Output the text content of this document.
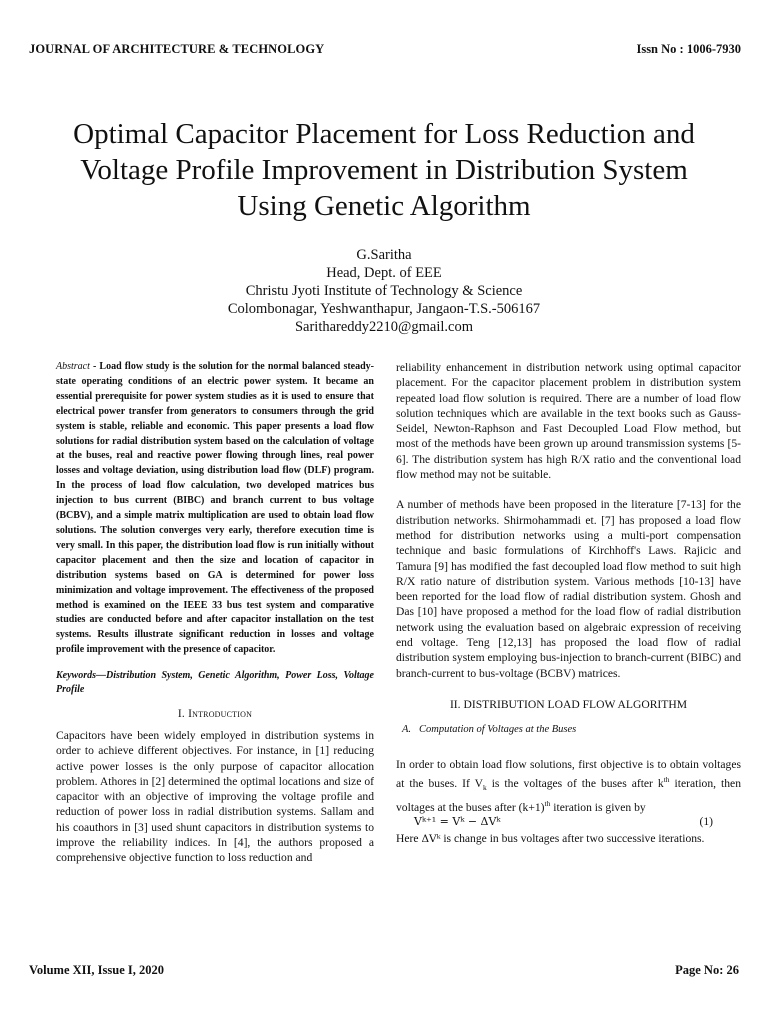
JOURNAL OF ARCHITECTURE & TECHNOLOGY	Issn No : 1006-7930
Optimal Capacitor Placement for Loss Reduction and Voltage Profile Improvement in Distribution System Using Genetic Algorithm
G.Saritha
Head, Dept. of EEE
Christu Jyoti Institute of Technology & Science
Colombonagar, Yeshwanthapur, Jangaon-T.S.-506167
Sarithareddy2210@gmail.com

Abstract - Load flow study is the solution for the normal balanced steady-state operating conditions of an electric power system. It became an essential prerequisite for power system studies as it is used to ensure that electrical power transfer from generators to consumers through the grid system is stable, reliable and economic. This paper presents a load flow solutions for radial distribution system based on the calculation of voltage at the buses, real and reactive power flowing through lines, real power losses and voltage deviation, using distribution load flow (DLF) program. In the process of load flow calculation, two developed matrices bus injection to bus current (BIBC) and branch current to bus voltage (BCBV), and a simple matrix multiplication are used to obtain load flow solutions. The solution converges very early, therefore execution time is very small. In this paper, the distribution load flow is run initially without capacitor placement and then the size and location of capacitor in distribution systems based on GA is determined for power loss minimization and voltage improvement. The effectiveness of the proposed method is examined on the IEEE 33 bus test system and comparative studies are conducted before and after capacitor installation on the test systems. Results illustrate significant reduction in losses and voltage profile improvement with the presence of capacitor.

Keywords—Distribution System, Genetic Algorithm, Power Loss, Voltage Profile
I. Introduction

Capacitors have been widely employed in distribution systems in order to achieve different objectives. For instance, in [1] reducing active power losses is the only purpose of capacitor allocation problem. Athores in [2] determined the optimal locations and size of capacitor with an objective of improving the voltage profile and reduction of power loss in radial distribution systems. Sallam and his coauthors in [3] used shunt capacitors in distribution systems to improve the reliability indices. In [4], the authors proposed a comprehensive objective function to loss reduction and

reliability enhancement in distribution network using optimal capacitor placement. For the capacitor placement problem in distribution system repeated load flow solution is required. There are a number of load flow solution techniques which are available in the text books such as Gauss-Seidel, Newton-Raphson and Fast Decoupled Load Flow method, but most of the methods have been grown up around transmission systems [5-6]. The distribution system has high R/X ratio and the conventional load flow method may not be suitable.

A number of methods have been proposed in the literature [7-13] for the distribution networks. Shirmohammadi et. [7] has proposed a load flow method for distribution networks using a multi-port compensation technique and basic formulations of Kirchhoff's Laws. Rajicic and Tamura [9] has modified the fast decoupled load flow method to suit high R/X ratio nature of distribution system. Various methods [10-13] have been reported for the load flow of radial distribution system. Ghosh and Das [10] have proposed a method for the load flow of radial distribution network using the evaluation based on algebraic expression of receiving end voltage. Teng [12,13] has proposed the load flow of radial distribution system employing bus-injection to branch-current (BIBC) and branch-current to bus-voltage (BCBV) matrices.

II. DISTRIBUTION LOAD FLOW ALGORITHM
A. Computation of Voltages at the Buses

In order to obtain load flow solutions, first objective is to obtain voltages at the buses. If $V_k$ is the voltages of the buses after $k^{th}$ iteration, then voltages at the buses after $(k+1)^{th}$ iteration is given by

Vᵏ⁺¹ = Vᵏ − ΔVᵏ	(1)

Here ΔVᵏ is change in bus voltages after two successive iterations.

Volume XII, Issue I, 2020	Page No: 26
